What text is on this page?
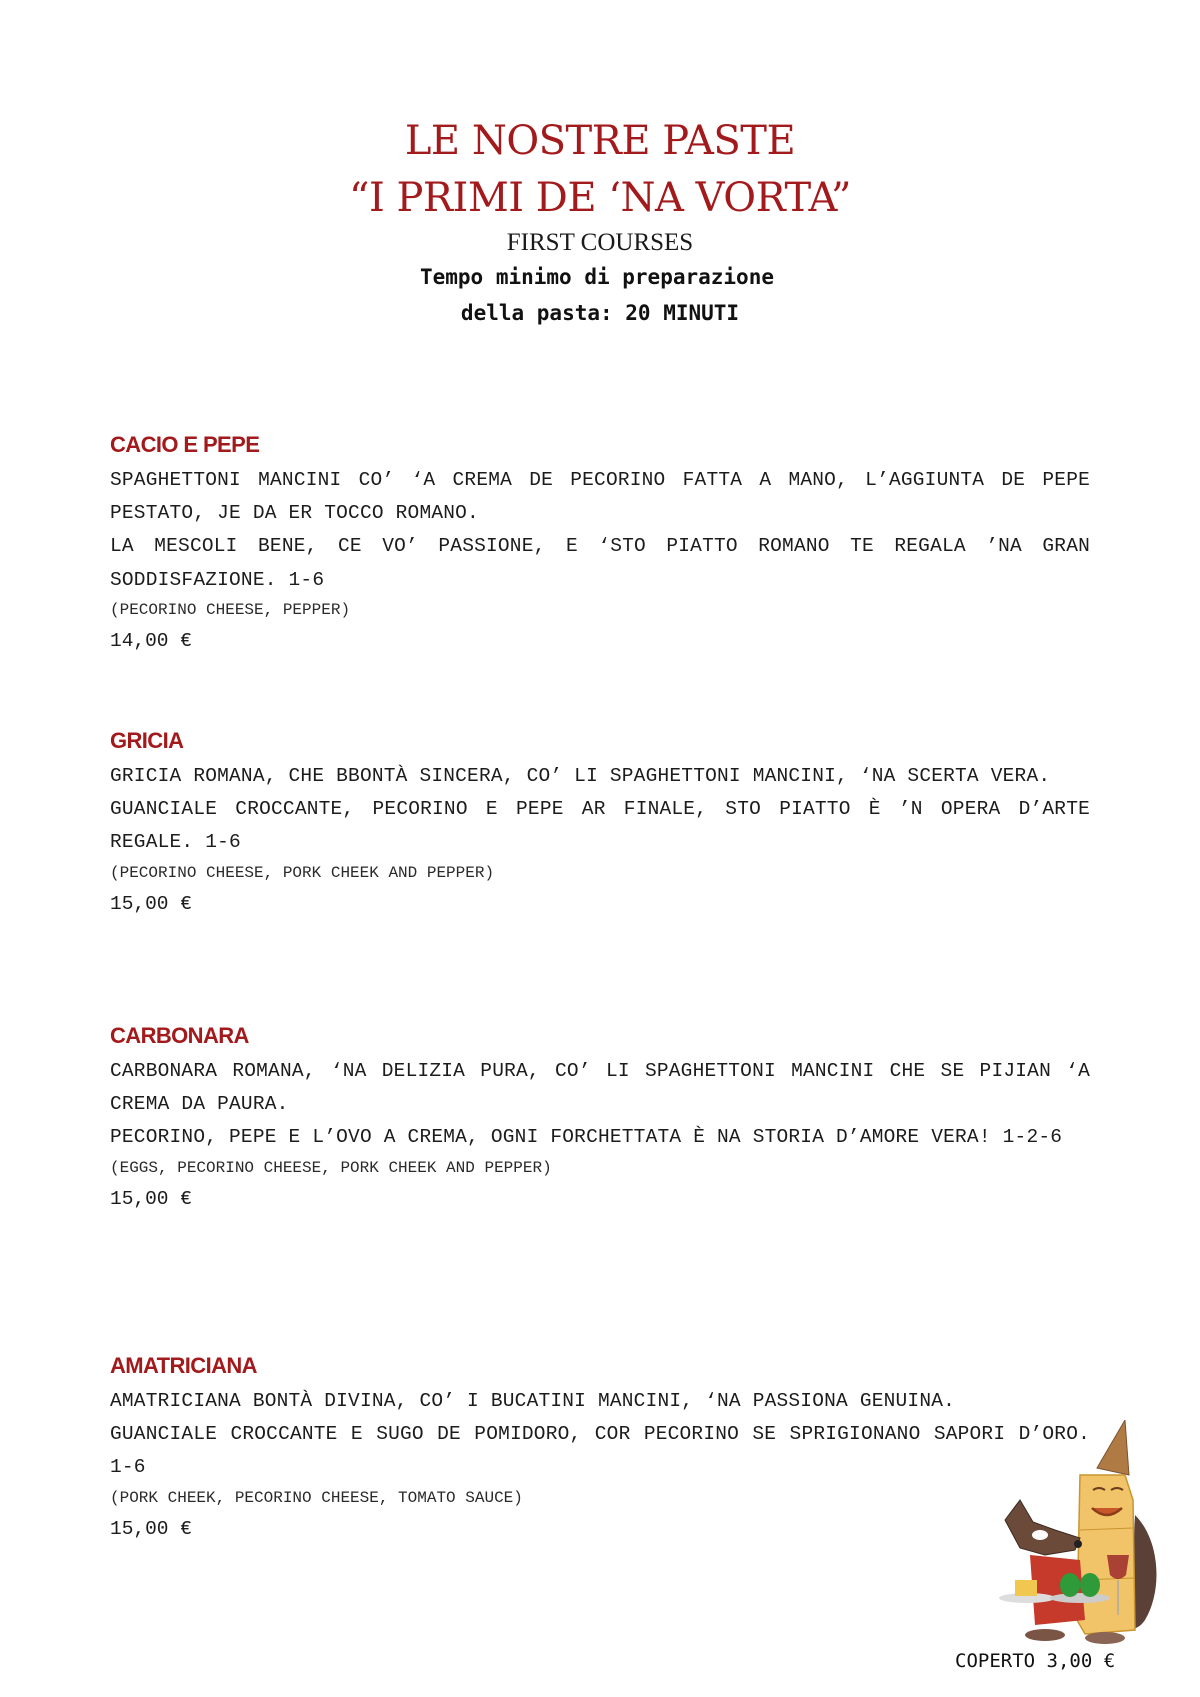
LE NOSTRE PASTE
“I PRIMI DE ‘NA VORTA”
FIRST COURSES
Tempo minimo di preparazione
della pasta: 20 MINUTI
CACIO E PEPE

SPAGHETTONI MANCINI CO’ ‘A CREMA DE PECORINO FATTA A MANO, L’AGGIUNTA DE PEPE PESTATO, JE DA ER TOCCO ROMANO.

LA MESCOLI BENE, CE VO’ PASSIONE, E ‘STO PIATTO ROMANO TE REGALA ’NA GRAN SODDISFAZIONE. 1-6

(PECORINO CHEESE, PEPPER)
14,00 €
GRICIA

GRICIA ROMANA, CHE BBONTÀ SINCERA, CO’ LI SPAGHETTONI MANCINI, ‘NA SCERTA VERA.

GUANCIALE CROCCANTE, PECORINO E PEPE AR FINALE, STO PIATTO È ’N OPERA D’ARTE REGALE. 1-6

(PECORINO CHEESE, PORK CHEEK AND PEPPER)
15,00 €
CARBONARA

CARBONARA ROMANA, ‘NA DELIZIA PURA, CO’ LI SPAGHETTONI MANCINI CHE SE PIJIAN ‘A CREMA DA PAURA.

PECORINO, PEPE E L’OVO A CREMA, OGNI FORCHETTATA È NA STORIA D’AMORE VERA! 1-2-6

(EGGS, PECORINO CHEESE, PORK CHEEK AND PEPPER)
15,00 €
AMATRICIANA

AMATRICIANA BONTÀ DIVINA, CO’ I BUCATINI MANCINI, ‘NA PASSIONA GENUINA.

GUANCIALE CROCCANTE E SUGO DE POMIDORO, COR PECORINO SE SPRIGIONANO SAPORI D’ORO. 1-6

(PORK CHEEK, PECORINO CHEESE, TOMATO SAUCE)
15,00 €
COPERTO 3,00 €
